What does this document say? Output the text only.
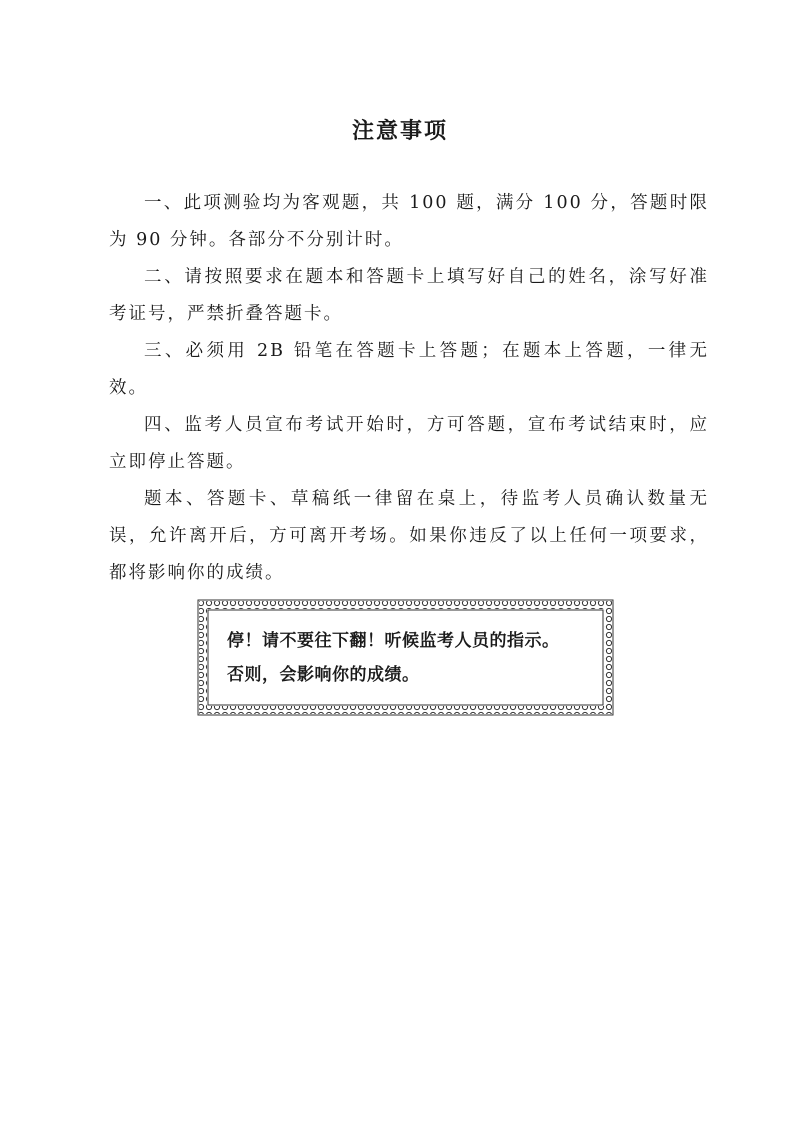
注意事项

一、此项测验均为客观题，共 100 题，满分 100 分，答题时限为 90 分钟。各部分不分别计时。

二、请按照要求在题本和答题卡上填写好自己的姓名，涂写好准考证号，严禁折叠答题卡。

三、必须用 2B 铅笔在答题卡上答题；在题本上答题，一律无效。

四、监考人员宣布考试开始时，方可答题，宣布考试结束时，应立即停止答题。

题本、答题卡、草稿纸一律留在桌上，待监考人员确认数量无误，允许离开后，方可离开考场。如果你违反了以上任何一项要求，都将影响你的成绩。

停！请不要往下翻！听候监考人员的指示。
否则，会影响你的成绩。
